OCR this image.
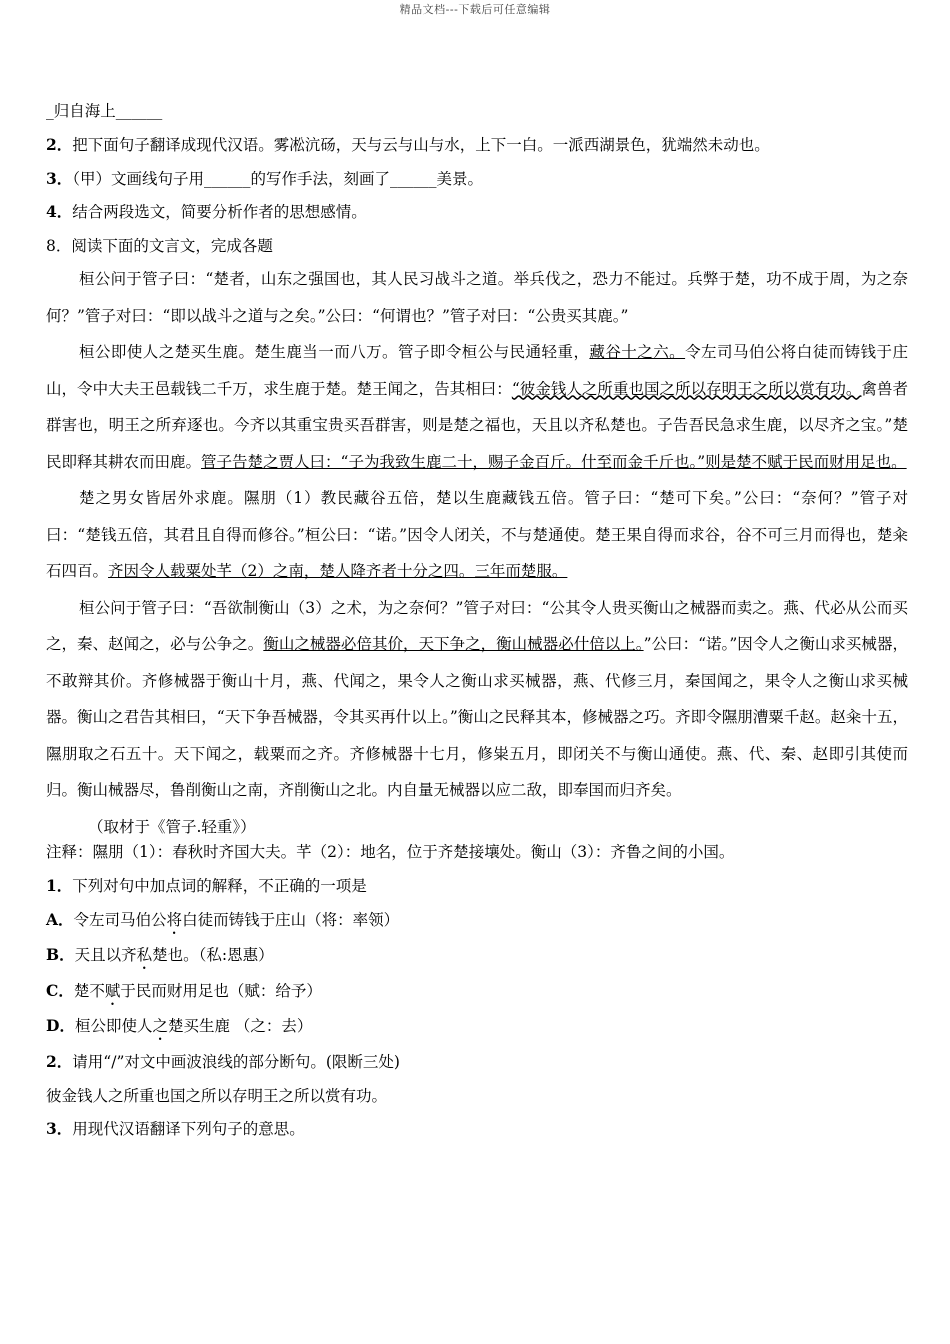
精品文档---下载后可任意编辑

_归自海上______

2．把下面句子翻译成现代汉语。雾凇沆砀，天与云与山与水，上下一白。一派西湖景色，犹端然未动也。

3．（甲）文画线句子用______的写作手法，刻画了______美景。

4．结合两段选文，简要分析作者的思想感情。

8．阅读下面的文言文，完成各题

桓公问于管子曰：“楚者，山东之强国也，其人民习战斗之道。举兵伐之，恐力不能过。兵弊于楚，功不成于周，为之奈何？”管子对曰：“即以战斗之道与之矣。”公曰：“何谓也？”管子对曰：“公贵买其鹿。”

桓公即使人之楚买生鹿。楚生鹿当一而八万。管子即令桓公与民通轻重，藏谷十之六。令左司马伯公将白徒而铸钱于庄山，令中大夫王邑载钱二千万，求生鹿于楚。楚王闻之，告其相曰：“彼金钱人之所重也国之所以存明王之所以赏有功。禽兽者群害也，明王之所弃逐也。今齐以其重宝贵买吾群害，则是楚之福也，天且以齐私楚也。子告吾民急求生鹿，以尽齐之宝。”楚民即释其耕农而田鹿。管子告楚之贾人曰：“子为我致生鹿二十，赐子金百斤。什至而金千斤也。”则是楚不赋于民而财用足也。

楚之男女皆居外求鹿。隰朋（1）教民藏谷五倍，楚以生鹿藏钱五倍。管子曰：“楚可下矣。”公曰：“奈何？”管子对曰：“楚钱五倍，其君且自得而修谷。”桓公曰：“诺。”因令人闭关，不与楚通使。楚王果自得而求谷，谷不可三月而得也，楚籴石四百。齐因令人载粟处芊（2）之南，楚人降齐者十分之四。三年而楚服。

桓公问于管子曰：“吾欲制衡山（3）之术，为之奈何？”管子对曰：“公其令人贵买衡山之械器而卖之。燕、代必从公而买之，秦、赵闻之，必与公争之。衡山之械器必倍其价，天下争之，衡山械器必什倍以上。”公曰：“诺。”因令人之衡山求买械器，不敢辩其价。齐修械器于衡山十月，燕、代闻之，果令人之衡山求买械器，燕、代修三月，秦国闻之，果令人之衡山求买械器。衡山之君告其相曰，“天下争吾械器，令其买再什以上。”衡山之民释其本，修械器之巧。齐即令隰朋漕粟千赵。赵籴十五，隰朋取之石五十。天下闻之，载粟而之齐。齐修械器十七月，修粜五月，即闭关不与衡山通使。燕、代、秦、赵即引其使而归。衡山械器尽，鲁削衡山之南，齐削衡山之北。内自量无械器以应二敌，即奉国而归齐矣。

（取材于《管子.轻重》）

注释：隰朋（1）：春秋时齐国大夫。芊（2）：地名，位于齐楚接壤处。衡山（3）：齐鲁之间的小国。

1．下列对句中加点词的解释，不正确的一项是

A．令左司马伯公将白徒而铸钱于庄山（将：率领）

B．天且以齐私楚也。（私:恩惠）

C．楚不赋于民而财用足也（赋：给予）

D．桓公即使人之楚买生鹿 （之：去）

2．请用“/”对文中画波浪线的部分断句。(限断三处)

彼金钱人之所重也国之所以存明王之所以赏有功。

3．用现代汉语翻译下列句子的意思。
